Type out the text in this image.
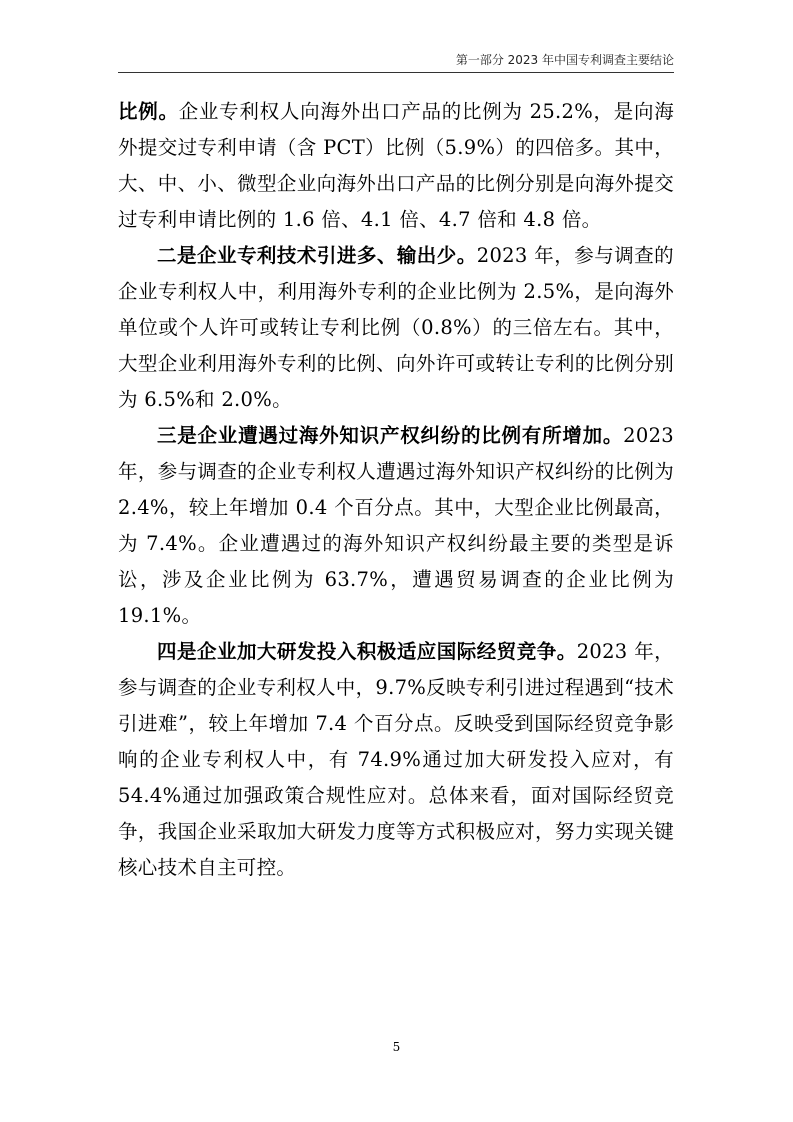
第一部分 2023 年中国专利调查主要结论

比例。企业专利权人向海外出口产品的比例为 25.2%，是向海外提交过专利申请（含 PCT）比例（5.9%）的四倍多。其中，大、中、小、微型企业向海外出口产品的比例分别是向海外提交过专利申请比例的 1.6 倍、4.1 倍、4.7 倍和 4.8 倍。

二是企业专利技术引进多、输出少。2023 年，参与调查的企业专利权人中，利用海外专利的企业比例为 2.5%，是向海外单位或个人许可或转让专利比例（0.8%）的三倍左右。其中，大型企业利用海外专利的比例、向外许可或转让专利的比例分别为 6.5%和 2.0%。

三是企业遭遇过海外知识产权纠纷的比例有所增加。2023 年，参与调查的企业专利权人遭遇过海外知识产权纠纷的比例为 2.4%，较上年增加 0.4 个百分点。其中，大型企业比例最高，为 7.4%。企业遭遇过的海外知识产权纠纷最主要的类型是诉讼，涉及企业比例为 63.7%，遭遇贸易调查的企业比例为 19.1%。

四是企业加大研发投入积极适应国际经贸竞争。2023 年，参与调查的企业专利权人中，9.7%反映专利引进过程遇到“技术引进难”，较上年增加 7.4 个百分点。反映受到国际经贸竞争影响的企业专利权人中，有 74.9%通过加大研发投入应对，有 54.4%通过加强政策合规性应对。总体来看，面对国际经贸竞争，我国企业采取加大研发力度等方式积极应对，努力实现关键核心技术自主可控。

5
